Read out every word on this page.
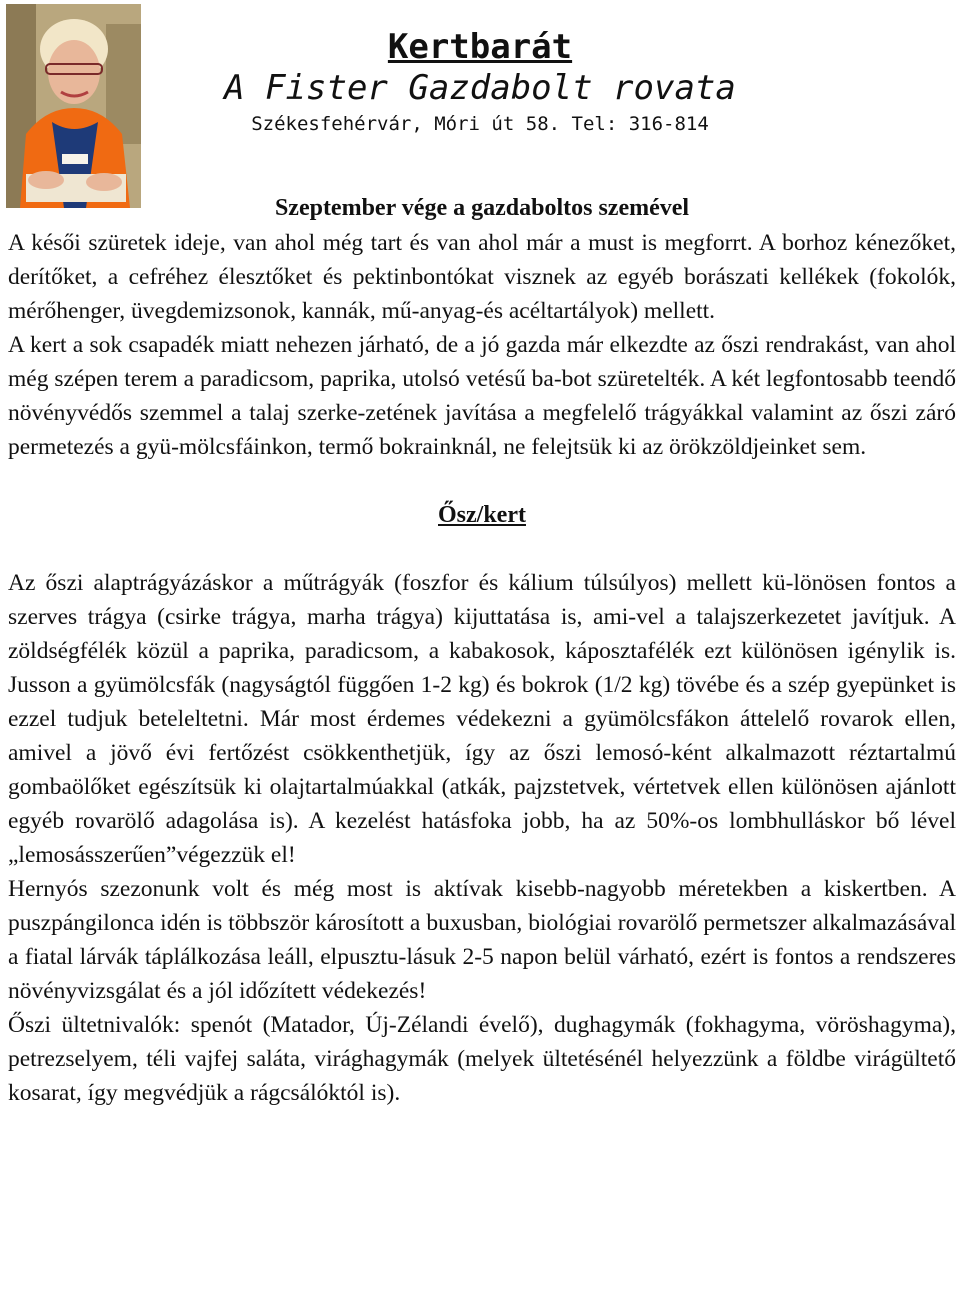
Kertbarát
A Fister Gazdabolt rovata
Székesfehérvár, Móri út 58. Tel: 316-814
Szeptember vége a gazdaboltos szemével

A késői szüretek ideje, van ahol még tart és van ahol már a must is megforrt. A borhoz kénezőket, derítőket, a cefréhez élesztőket és pektinbontókat visznek az egyéb borászati kellékek (fokolók, mérőhenger, üvegdemizsonok, kannák, mű-anyag-és acéltartályok) mellett.

A kert a sok csapadék miatt nehezen járható, de a jó gazda már elkezdte az őszi rendrakást, van ahol még szépen terem a paradicsom, paprika, utolsó vetésű ba-bot szüretelték. A két legfontosabb teendő növényvédős szemmel a talaj szerke-zetének javítása a megfelelő trágyákkal valamint az őszi záró permetezés a gyü-mölcsfáinkon, termő bokrainknál, ne felejtsük ki az örökzöldjeinket sem.

Ősz/kert

Az őszi alaptrágyázáskor a műtrágyák (foszfor és kálium túlsúlyos) mellett kü-lönösen fontos a szerves trágya (csirke trágya, marha trágya) kijuttatása is, ami-vel a talajszerkezetet javítjuk. A zöldségfélék közül a paprika, paradicsom, a kabakosok, káposztafélék ezt különösen igénylik is. Jusson a gyümölcsfák (nagyságtól függően 1-2 kg) és bokrok (1/2 kg) tövébe és a szép gyepünket is ezzel tudjuk beteleltetni. Már most érdemes védekezni a gyümölcsfákon áttelelő rovarok ellen, amivel a jövő évi fertőzést csökkenthetjük, így az őszi lemosó-ként alkalmazott réztartalmú gombaölőket egészítsük ki olajtartalmúakkal (atkák, pajzstetvek, vértetvek ellen különösen ajánlott egyéb rovarölő adagolása is). A kezelést hatásfoka jobb, ha az 50%-os lombhulláskor bő lével „lemosásszerűen”végezzük el!

Hernyós szezonunk volt és még most is aktívak kisebb-nagyobb méretekben a kiskertben. A puszpángiloncа idén is többször károsított a buxusban, biológiai rovarölő permetszer alkalmazásával a fiatal lárvák táplálkozása leáll, elpusztu-lásuk 2-5 napon belül várható, ezért is fontos a rendszeres növényvizsgálat és a jól időzített védekezés!

Őszi ültetnivalók: spenót (Matador, Új-Zélandi évelő), dughagymák (fokhagyma, vöröshagyma), petrezselyem, téli vajfej saláta, virághagymák (melyek ültetésénél helyezzünk a földbe virágültető kosarat, így megvédjük a rágcsálóktól is).
